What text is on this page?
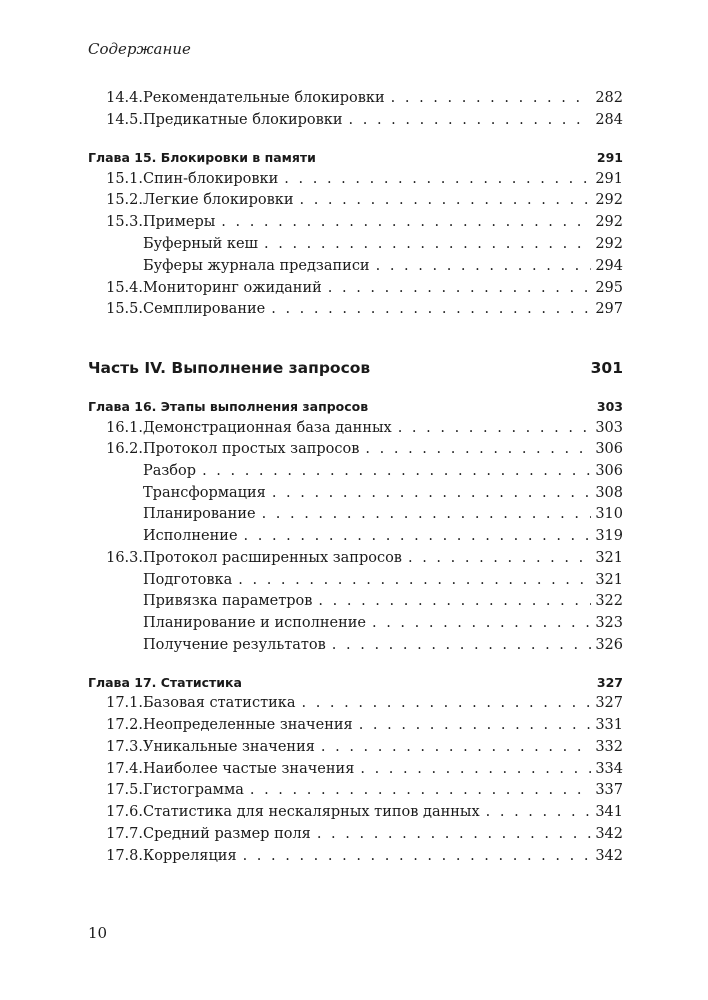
Содержание
14.4. Рекомендательные блокировки . . .	282
14.5. Предикатные блокировки . . .	284
Глава 15. Блокировки в памяти	291
15.1. Спин-блокировки . . .	291
15.2. Легкие блокировки . . .	292
15.3. Примеры . . .	292
Буферный кеш . . .	292
Буферы журнала предзаписи . . .	294
15.4. Мониторинг ожиданий . . .	295
15.5. Семплирование . . .	297
Часть IV. Выполнение запросов	301
Глава 16. Этапы выполнения запросов	303
16.1. Демонстрационная база данных . . .	303
16.2. Протокол простых запросов . . .	306
Разбор . . .	306
Трансформация . . .	308
Планирование . . .	310
Исполнение . . .	319
16.3. Протокол расширенных запросов . . .	321
Подготовка . . .	321
Привязка параметров . . .	322
Планирование и исполнение . . .	323
Получение результатов . . .	326
Глава 17. Статистика	327
17.1. Базовая статистика . . .	327
17.2. Неопределенные значения . . .	331
17.3. Уникальные значения . . .	332
17.4. Наиболее частые значения . . .	334
17.5. Гистограмма . . .	337
17.6. Статистика для нескалярных типов данных . . .	341
17.7. Средний размер поля . . .	342
17.8. Корреляция . . .	342
10
